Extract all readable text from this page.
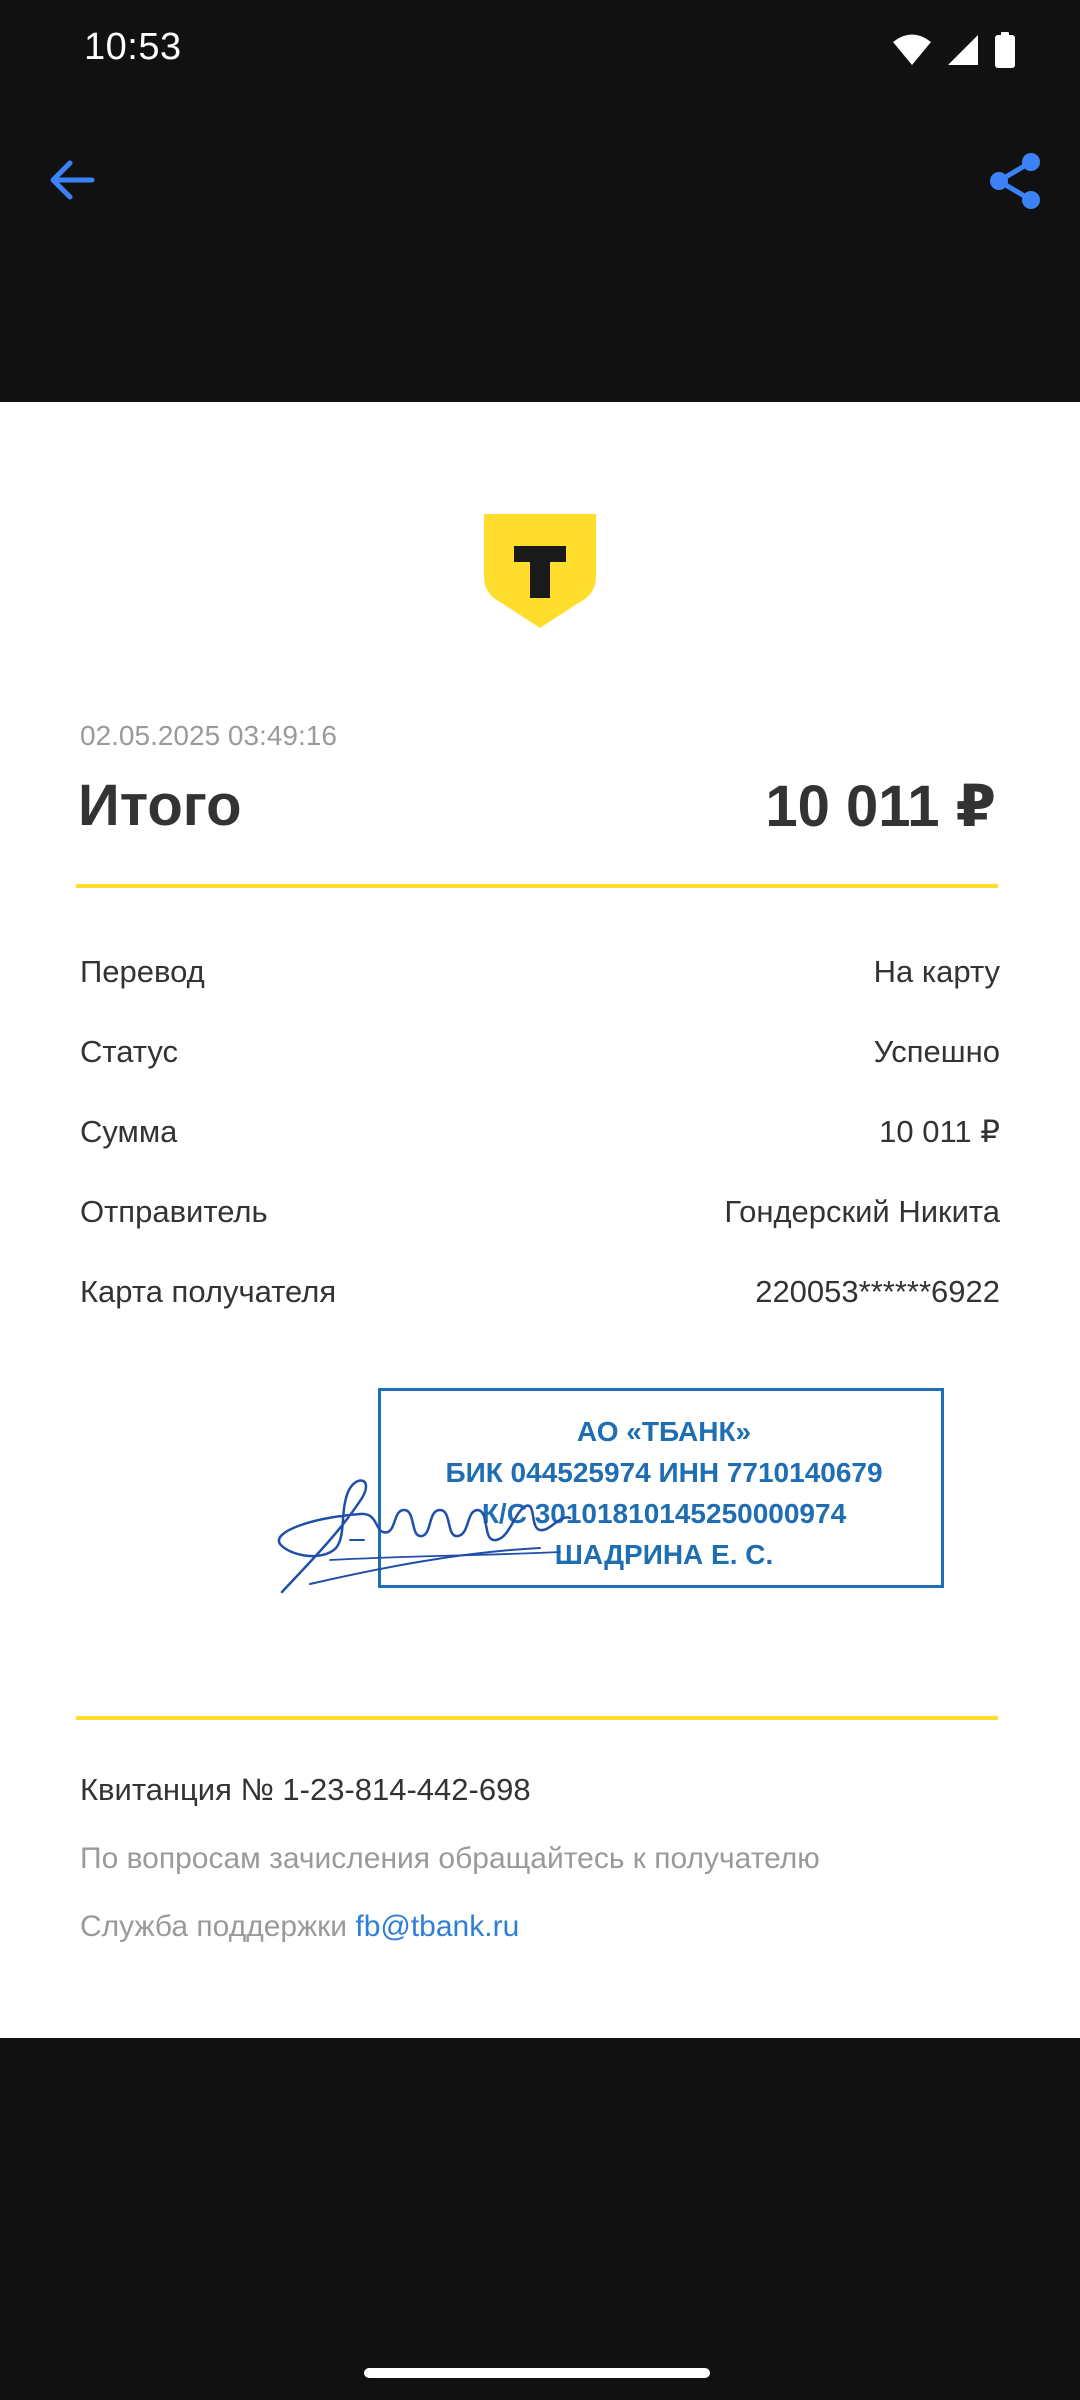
10:53
02.05.2025 03:49:16
Итого	10 011 ₽
Перевод	На карту
Статус	Успешно
Сумма	10 011 ₽
Отправитель	Гондерский Никита
Карта получателя	220053******6922
АО «ТБАНК»
БИК 044525974 ИНН 7710140679
К/С 30101810145250000974
ШАДРИНА Е. С.
Квитанция № 1-23-814-442-698
По вопросам зачисления обращайтесь к получателю
Служба поддержки fb@tbank.ru
